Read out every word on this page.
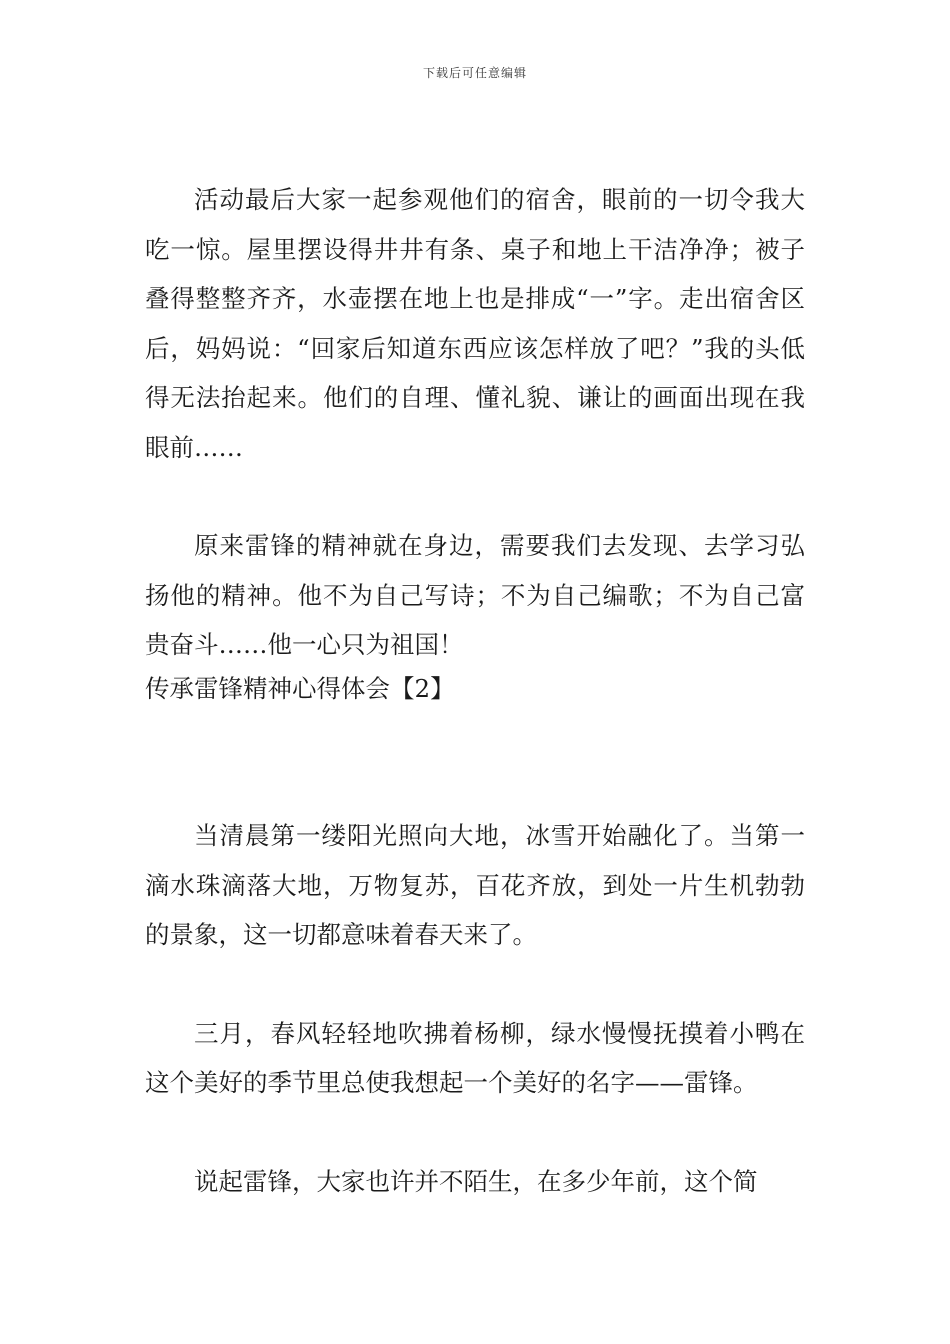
下载后可任意编辑

活动最后大家一起参观他们的宿舍，眼前的一切令我大吃一惊。屋里摆设得井井有条、桌子和地上干洁净净；被子叠得整整齐齐，水壶摆在地上也是排成“一”字。走出宿舍区后，妈妈说：“回家后知道东西应该怎样放了吧？”我的头低得无法抬起来。他们的自理、懂礼貌、谦让的画面出现在我眼前……

原来雷锋的精神就在身边，需要我们去发现、去学习弘扬他的精神。他不为自己写诗；不为自己编歌；不为自己富贵奋斗……他一心只为祖国！

传承雷锋精神心得体会【2】

当清晨第一缕阳光照向大地，冰雪开始融化了。当第一滴水珠滴落大地，万物复苏，百花齐放，到处一片生机勃勃的景象，这一切都意味着春天来了。

三月，春风轻轻地吹拂着杨柳，绿水慢慢抚摸着小鸭在这个美好的季节里总使我想起一个美好的名字——雷锋。

说起雷锋，大家也许并不陌生，在多少年前，这个简
